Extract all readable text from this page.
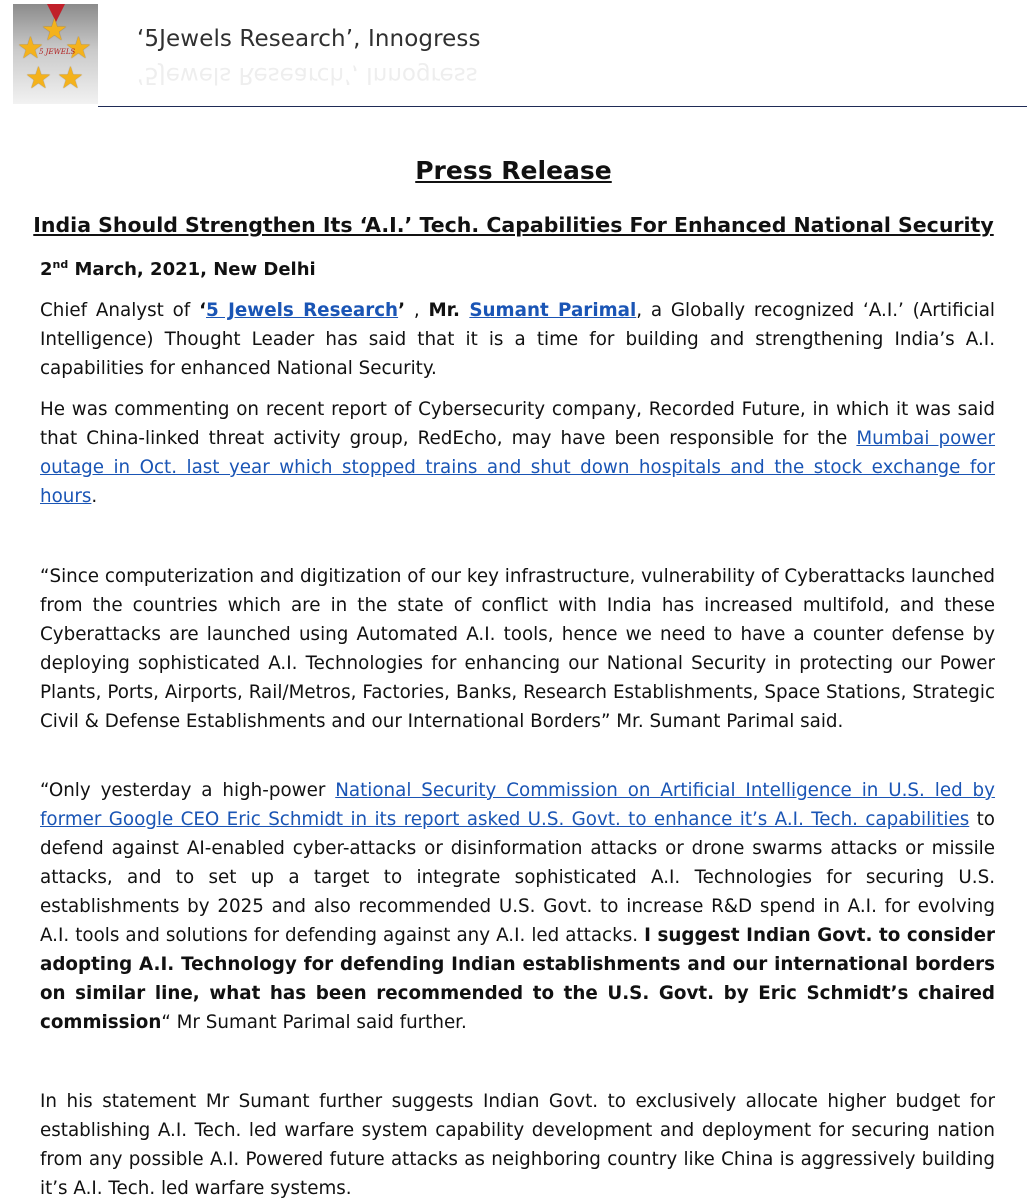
★
★ ★
★ ★
5 JEWELS	‘5Jewels Research’, Innogress
‘5Jewels Research’, Innogress
Press Release
India Should Strengthen Its ‘A.I.’ Tech. Capabilities For Enhanced National Security

2nd March, 2021, New Delhi

Chief Analyst of ‘5 Jewels Research’ , Mr. Sumant Parimal, a Globally recognized ‘A.I.’ (Artificial Intelligence) Thought Leader has said that it is a time for building and strengthening India’s A.I. capabilities for enhanced National Security.

He was commenting on recent report of Cybersecurity company, Recorded Future, in which it was said that China-linked threat activity group, RedEcho, may have been responsible for the Mumbai power outage in Oct. last year which stopped trains and shut down hospitals and the stock exchange for hours.

“Since computerization and digitization of our key infrastructure, vulnerability of Cyberattacks launched from the countries which are in the state of conflict with India has increased multifold, and these Cyberattacks are launched using Automated A.I. tools, hence we need to have a counter defense by deploying sophisticated A.I. Technologies for enhancing our National Security in protecting our Power Plants, Ports, Airports, Rail/Metros, Factories, Banks, Research Establishments, Space Stations, Strategic Civil & Defense Establishments and our International Borders” Mr. Sumant Parimal said.

“Only yesterday a high-power National Security Commission on Artificial Intelligence in U.S. led by former Google CEO Eric Schmidt in its report asked U.S. Govt. to enhance it’s A.I. Tech. capabilities to defend against AI-enabled cyber-attacks or disinformation attacks or drone swarms attacks or missile attacks, and to set up a target to integrate sophisticated A.I. Technologies for securing U.S. establishments by 2025 and also recommended U.S. Govt. to increase R&D spend in A.I. for evolving A.I. tools and solutions for defending against any A.I. led attacks. I suggest Indian Govt. to consider adopting A.I. Technology for defending Indian establishments and our international borders on similar line, what has been recommended to the U.S. Govt. by Eric Schmidt’s chaired commission“ Mr Sumant Parimal said further.

In his statement Mr Sumant further suggests Indian Govt. to exclusively allocate higher budget for establishing A.I. Tech. led warfare system capability development and deployment for securing nation from any possible A.I. Powered future attacks as neighboring country like China is aggressively building it’s A.I. Tech. led warfare systems.
